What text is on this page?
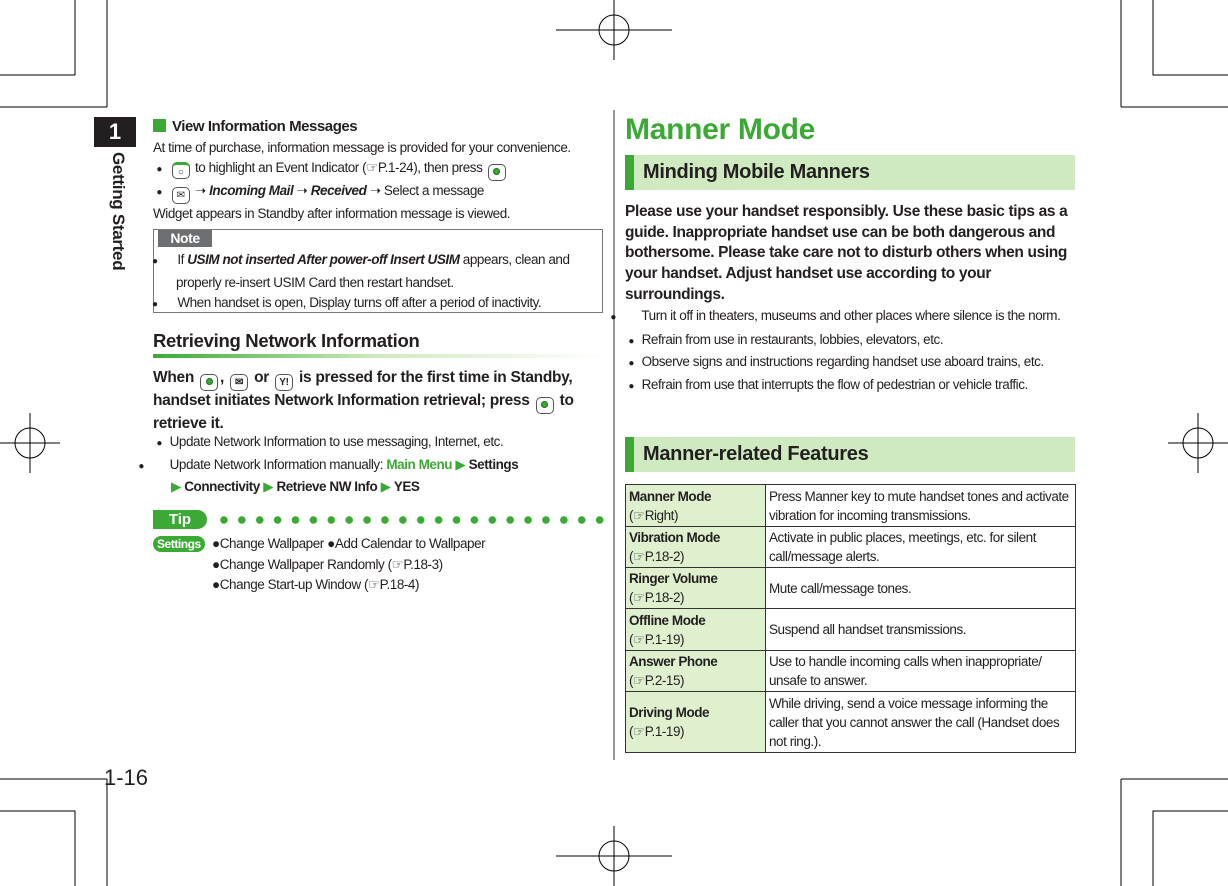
1
Getting Started
1-16
View Information Messages
At time of purchase, information message is provided for your convenience.
● ○ to highlight an Event Indicator (☞P.1-24), then press
● ✉ ➝ Incoming Mail ➝ Received ➝ Select a message
Widget appears in Standby after information message is viewed.
Note
● If USIM not inserted After power-off Insert USIM appears, clean and properly re-insert USIM Card then restart handset.
● When handset is open, Display turns off after a period of inactivity.
Retrieving Network Information
When , ✉ or Y! is pressed for the first time in Standby, handset initiates Network Information retrieval; press to retrieve it.
● Update Network Information to use messaging, Internet, etc.
● Update Network Information manually: Main Menu ▶ Settings
▶ Connectivity ▶ Retrieve NW Info ▶ YES
Tip
Settings ●Change Wallpaper ●Add Calendar to Wallpaper
●Change Wallpaper Randomly (☞P.18-3)
●Change Start-up Window (☞P.18-4)
Manner Mode
Minding Mobile Manners
Please use your handset responsibly. Use these basic tips as a guide. Inappropriate handset use can be both dangerous and bothersome. Please take care not to disturb others when using your handset. Adjust handset use according to your surroundings.
● Turn it off in theaters, museums and other places where silence is the norm.
● Refrain from use in restaurants, lobbies, elevators, etc.
● Observe signs and instructions regarding handset use aboard trains, etc.
● Refrain from use that interrupts the flow of pedestrian or vehicle traffic.
Manner-related Features
Manner Mode
(☞Right)	Press Manner key to mute handset tones and activate vibration for incoming transmissions.
Vibration Mode
(☞P.18-2)	Activate in public places, meetings, etc. for silent call/message alerts.
Ringer Volume
(☞P.18-2)	Mute call/message tones.
Offline Mode
(☞P.1-19)	Suspend all handset transmissions.
Answer Phone
(☞P.2-15)	Use to handle incoming calls when inappropriate/ unsafe to answer.
Driving Mode
(☞P.1-19)	While driving, send a voice message informing the caller that you cannot answer the call (Handset does not ring.).
